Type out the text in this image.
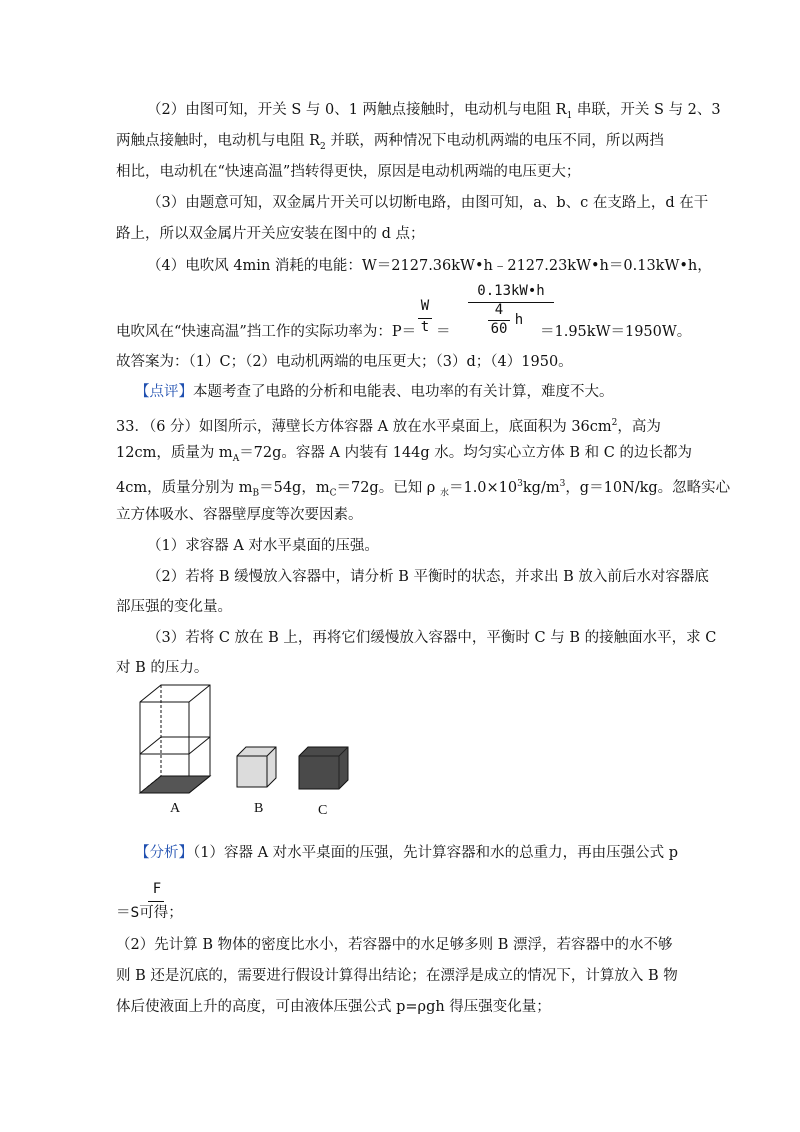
（2）由图可知，开关 S 与 0、1 两触点接触时，电动机与电阻 $R_1$ 串联，开关 S 与 2、3
两触点接触时，电动机与电阻 $R_2$ 并联，两种情况下电动机两端的电压不同，所以两挡
相比，电动机在“快速高温”挡转得更快，原因是电动机两端的电压更大；
（3）由题意可知，双金属片开关可以切断电路，由图可知，a、b、c 在支路上，d 在干
路上，所以双金属片开关应安装在图中的 d 点；
（4）电吹风 4min 消耗的电能：W＝2127.36kW•h﹣2127.23kW•h＝0.13kW•h，
电吹风在“快速高温”挡工作的实际功率为：P＝
W
t ＝
0.13kW•h
4
60
h
＝1.95kW＝1950W。
故答案为：（1）C；（2）电动机两端的电压更大；（3）d；（4）1950。
【点评】本题考查了电路的分析和电能表、电功率的有关计算，难度不大。
33．（6 分）如图所示，薄壁长方体容器 A 放在水平桌面上，底面积为 $36cm^2$，高为
12cm，质量为 $m_A=72g$。容器 A 内装有 144g 水。均匀实心立方体 B 和 C 的边长都为
4cm，质量分别为 $m_B=54g$，$m_C=72g$。已知 ρ $_水=1.0\times 10^3kg/m^3$，g＝10N/kg。忽略实心
立方体吸水、容器壁厚度等次要因素。
（1）求容器 A 对水平桌面的压强。
（2）若将 B 缓慢放入容器中，请分析 B 平衡时的状态，并求出 B 放入前后水对容器底
部压强的变化量。
（3）若将 C 放在 B 上，再将它们缓慢放入容器中，平衡时 C 与 B 的接触面水平，求 C
对 B 的压力。
A	B	C
【分析】（1）容器 A 对水平桌面的压强，先计算容器和水的总重力，再由压强公式 p
F
＝S可得；
（2）先计算 B 物体的密度比水小，若容器中的水足够多则 B 漂浮，若容器中的水不够
则 B 还是沉底的，需要进行假设计算得出结论；在漂浮是成立的情况下，计算放入 B 物
体后使液面上升的高度，可由液体压强公式 p=ρgh 得压强变化量；
